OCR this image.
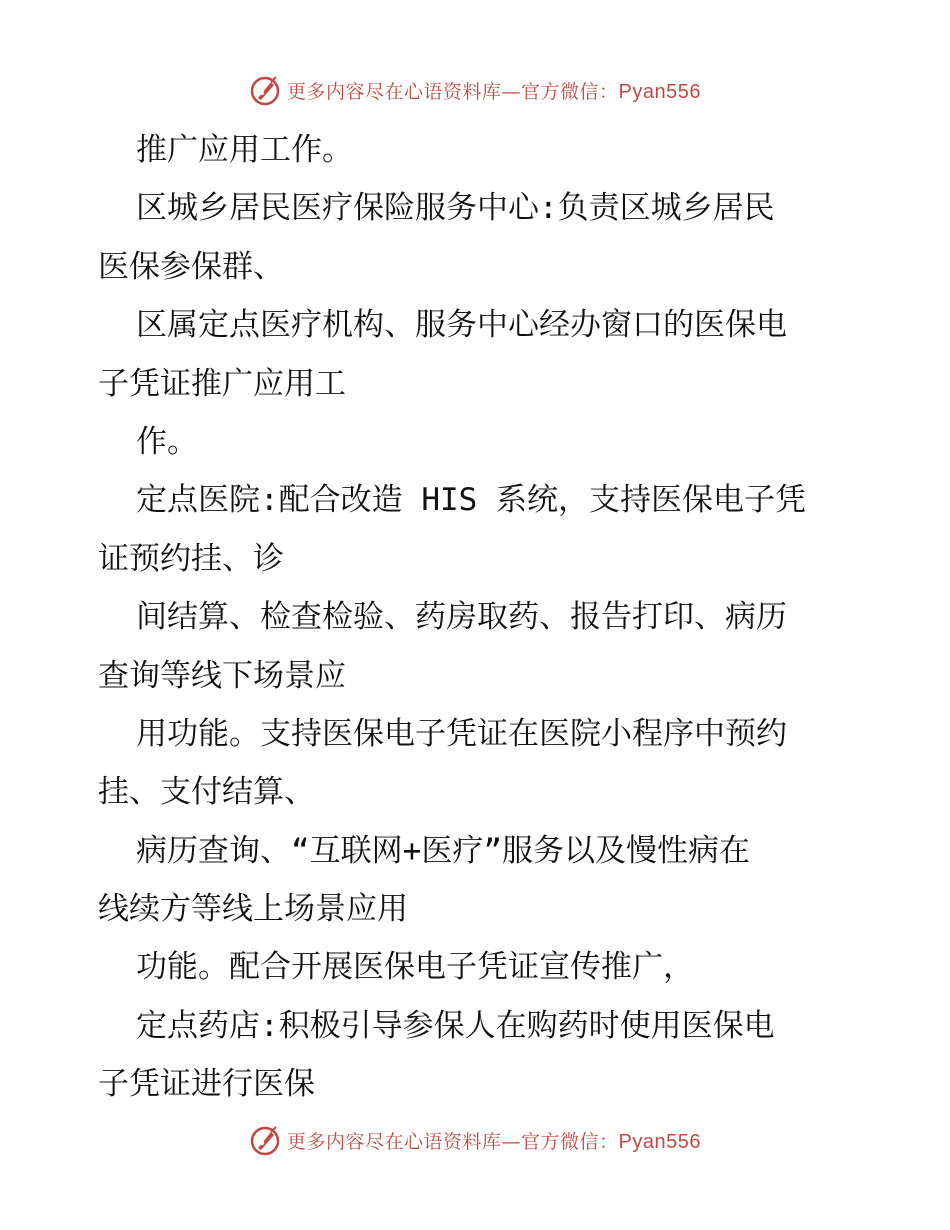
更多内容尽在心语资料库—官方微信：Pyan556
推广应用工作。
区城乡居民医疗保险服务中心:负责区城乡居民
医保参保群、
区属定点医疗机构、服务中心经办窗口的医保电
子凭证推广应用工
作。
定点医院:配合改造 HIS 系统，支持医保电子凭
证预约挂、诊
间结算、检查检验、药房取药、报告打印、病历
查询等线下场景应
用功能。支持医保电子凭证在医院小程序中预约
挂、支付结算、
病历查询、“互联网+医疗”服务以及慢性病在
线续方等线上场景应用
功能。配合开展医保电子凭证宣传推广，
定点药店:积极引导参保人在购药时使用医保电
子凭证进行医保
更多内容尽在心语资料库—官方微信：Pyan556
